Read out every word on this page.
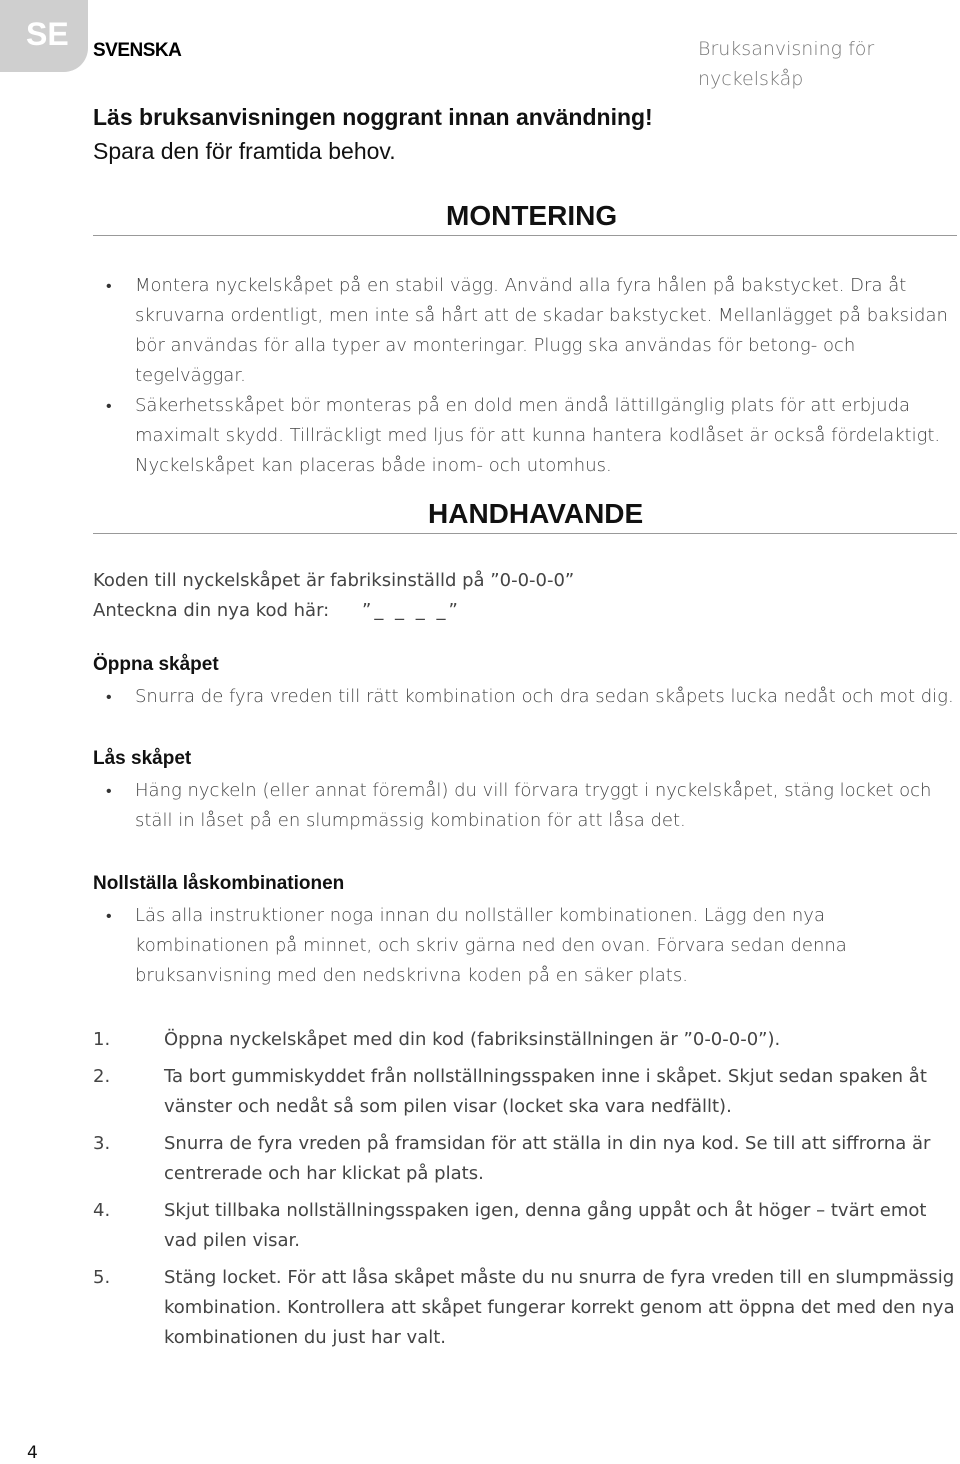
SE SVENSKA	Bruksanvisning för nyckelskåp
Läs bruksanvisningen noggrant innan användning!
Spara den för framtida behov.
MONTERING
• Montera nyckelskåpet på en stabil vägg. Använd alla fyra hålen på bakstycket. Dra åt skruvarna ordentligt, men inte så hårt att de skadar bakstycket. Mellanlägget på baksidan bör användas för alla typer av monteringar. Plugg ska användas för betong- och tegelväggar.
• Säkerhetsskåpet bör monteras på en dold men ändå lättillgänglig plats för att erbjuda maximalt skydd. Tillräckligt med ljus för att kunna hantera kodlåset är också fördelaktigt. Nyckelskåpet kan placeras både inom- och utomhus.
HANDHAVANDE
Koden till nyckelskåpet är fabriksinställd på ”0-0-0-0”
Anteckna din nya kod här: ”_ _ _ _”
Öppna skåpet
• Snurra de fyra vreden till rätt kombination och dra sedan skåpets lucka nedåt och mot dig.
Lås skåpet
• Häng nyckeln (eller annat föremål) du vill förvara tryggt i nyckelskåpet, stäng locket och ställ in låset på en slumpmässig kombination för att låsa det.
Nollställa låskombinationen
• Läs alla instruktioner noga innan du nollställer kombinationen. Lägg den nya kombinationen på minnet, och skriv gärna ned den ovan. Förvara sedan denna bruksanvisning med den nedskrivna koden på en säker plats.
1.	Öppna nyckelskåpet med din kod (fabriksinställningen är ”0-0-0-0”).
2.	Ta bort gummiskyddet från nollställningsspaken inne i skåpet. Skjut sedan spaken åt vänster och nedåt så som pilen visar (locket ska vara nedfällt).
3.	Snurra de fyra vreden på framsidan för att ställa in din nya kod. Se till att siffrorna är centrerade och har klickat på plats.
4.	Skjut tillbaka nollställningsspaken igen, denna gång uppåt och åt höger – tvärt emot vad pilen visar.
5.	Stäng locket. För att låsa skåpet måste du nu snurra de fyra vreden till en slumpmässig kombination. Kontrollera att skåpet fungerar korrekt genom att öppna det med den nya kombinationen du just har valt.
4
